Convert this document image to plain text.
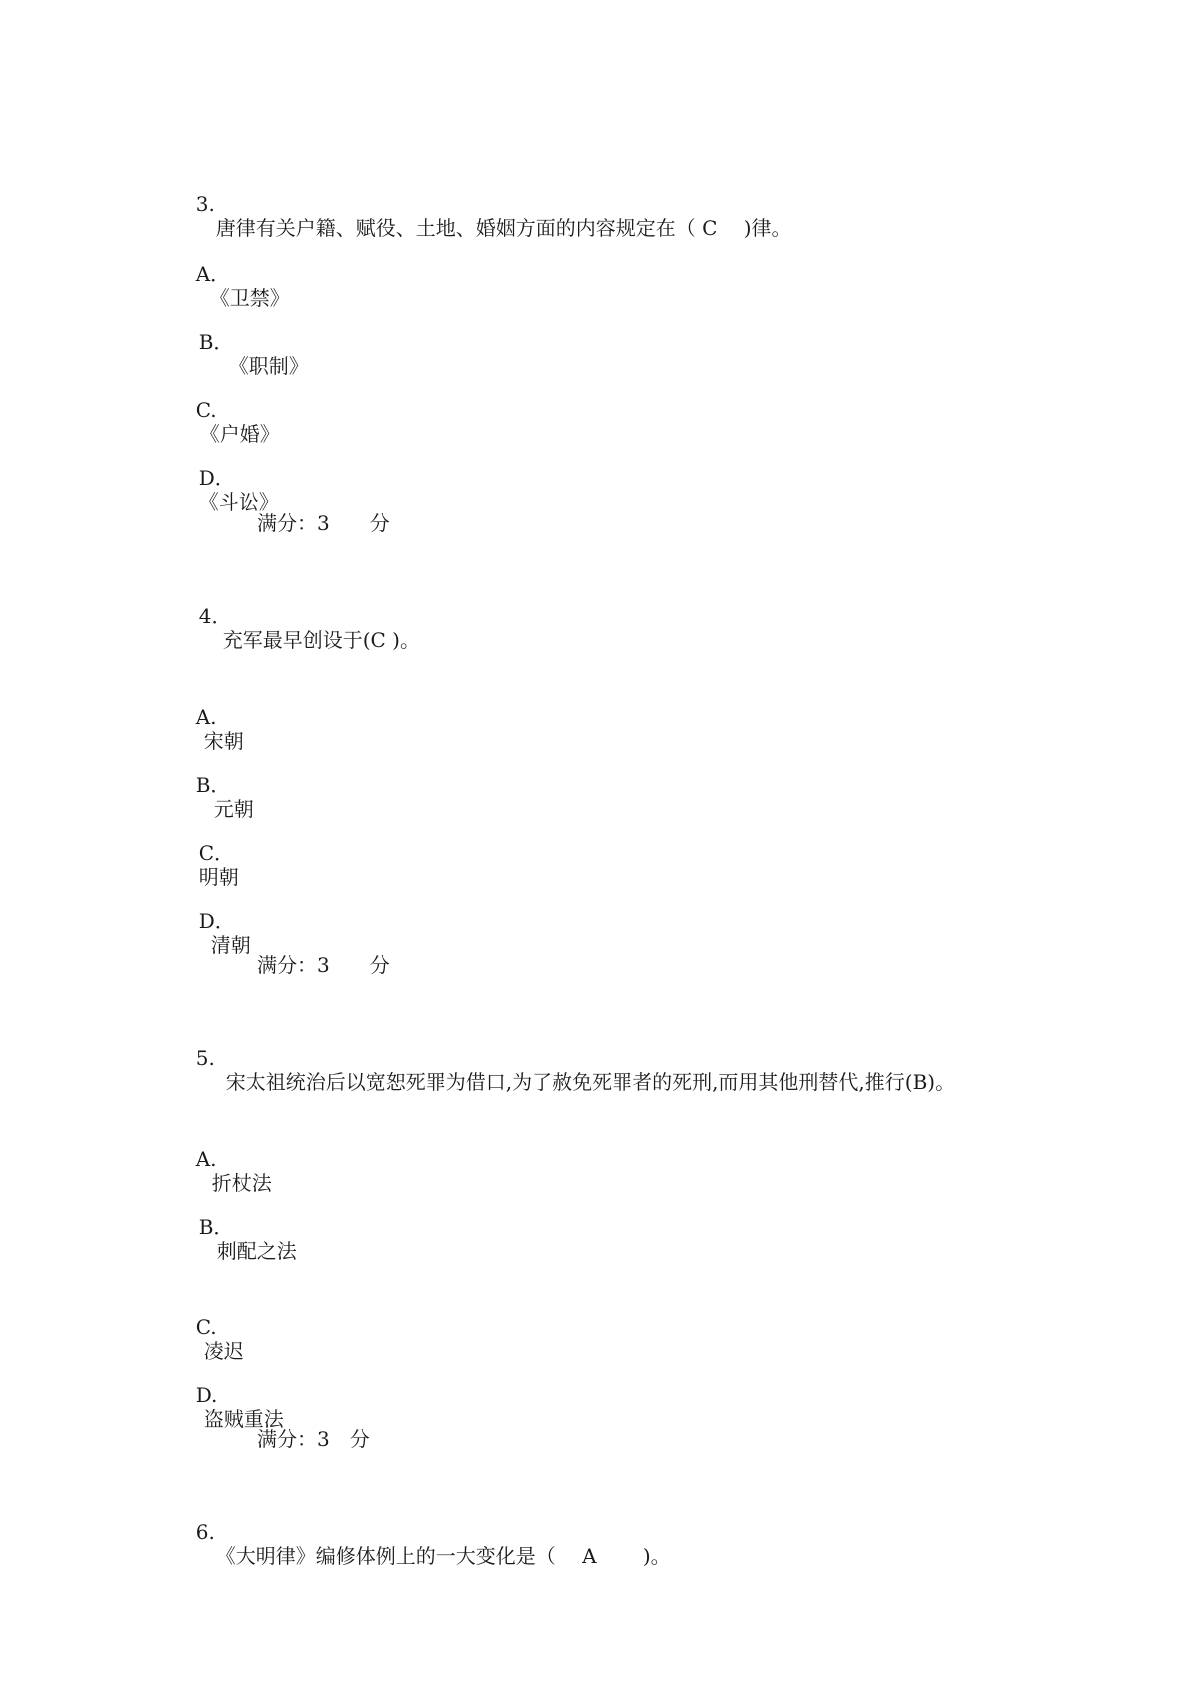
3.
唐律有关户籍、赋役、土地、婚姻方面的内容规定在（ C　 )律。

A．
《卫禁》

B．
《职制》

C.
《户婚》

D．
《斗讼》

满分：3　　分

4．
充军最早创设于(C )。

A.
宋朝

B．
元朝

C．
明朝

D．
清朝

满分：3　　分

5.
宋太祖统治后以宽恕死罪为借口,为了赦免死罪者的死刑,而用其他刑替代,推行(B)。

A.
折杖法

B．
刺配之法

C.
凌迟

D.
盗贼重法

满分：3　分

6.
《大明律》编修体例上的一大变化是（　 A　　 )。
